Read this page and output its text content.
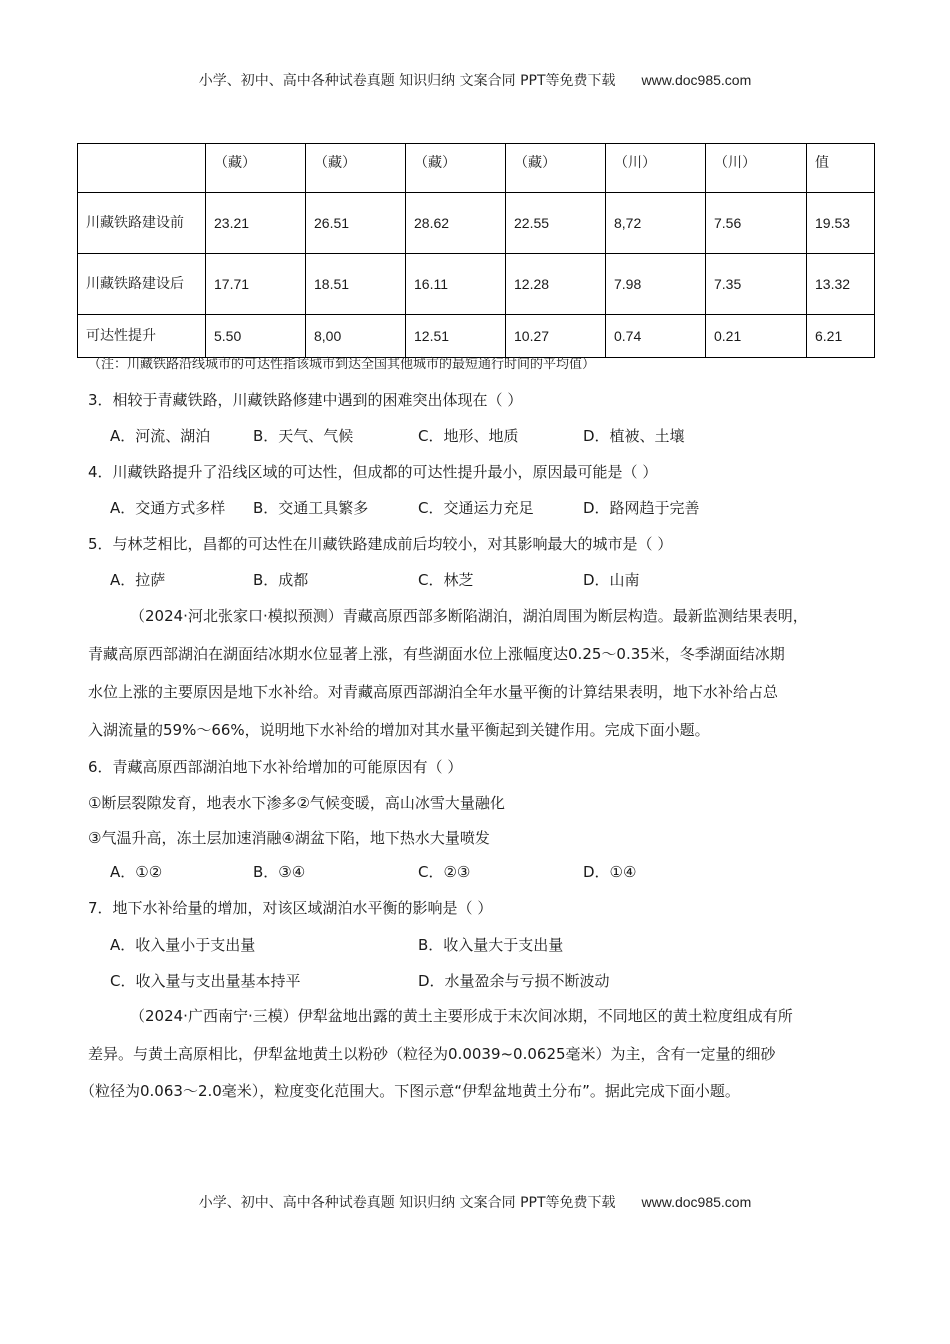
小学、初中、高中各种试卷真题 知识归纳 文案合同 PPT等免费下载 www.doc985.com
	（藏）	（藏）	（藏）	（藏）	（川）	（川）	值
川藏铁路建设前	23.21	26.51	28.62	22.55	8,72	7.56	19.53
川藏铁路建设后	17.71	18.51	16.11	12.28	7.98	7.35	13.32
可达性提升	5.50	8,00	12.51	10.27	0.74	0.21	6.21
（注：川藏铁路沿线城市的可达性指该城市到达全国其他城市的最短通行时间的平均值）
3．相较于青藏铁路，川藏铁路修建中遇到的困难突出体现在（ ）
A．河流、湖泊	B．天气、气候	C．地形、地质	D．植被、土壤
4．川藏铁路提升了沿线区域的可达性，但成都的可达性提升最小，原因最可能是（ ）
A．交通方式多样 B．交通工具繁多	C．交通运力充足	D．路网趋于完善
5．与林芝相比，昌都的可达性在川藏铁路建成前后均较小，对其影响最大的城市是（ ）
A．拉萨	B．成都	C．林芝	D．山南
（2024·河北张家口·模拟预测）青藏高原西部多断陷湖泊，湖泊周围为断层构造。最新监测结果表明，
青藏高原西部湖泊在湖面结冰期水位显著上涨，有些湖面水位上涨幅度达0.25～0.35米，冬季湖面结冰期
水位上涨的主要原因是地下水补给。对青藏高原西部湖泊全年水量平衡的计算结果表明，地下水补给占总
入湖流量的59%～66%，说明地下水补给的增加对其水量平衡起到关键作用。完成下面小题。
6．青藏高原西部湖泊地下水补给增加的可能原因有（ ）
①断层裂隙发育，地表水下渗多②气候变暖，高山冰雪大量融化
③气温升高，冻土层加速消融④湖盆下陷，地下热水大量喷发
A．①②	B．③④	C．②③	D．①④
7．地下水补给量的增加，对该区域湖泊水平衡的影响是（ ）
A．收入量小于支出量	B．收入量大于支出量
C．收入量与支出量基本持平	D．水量盈余与亏损不断波动
（2024·广西南宁·三模）伊犁盆地出露的黄土主要形成于末次间冰期，不同地区的黄土粒度组成有所
差异。与黄土高原相比，伊犁盆地黄土以粉砂（粒径为0.0039~0.0625毫米）为主，含有一定量的细砂
（粒径为0.063～2.0毫米），粒度变化范围大。下图示意“伊犁盆地黄土分布”。据此完成下面小题。
小学、初中、高中各种试卷真题 知识归纳 文案合同 PPT等免费下载 www.doc985.com
